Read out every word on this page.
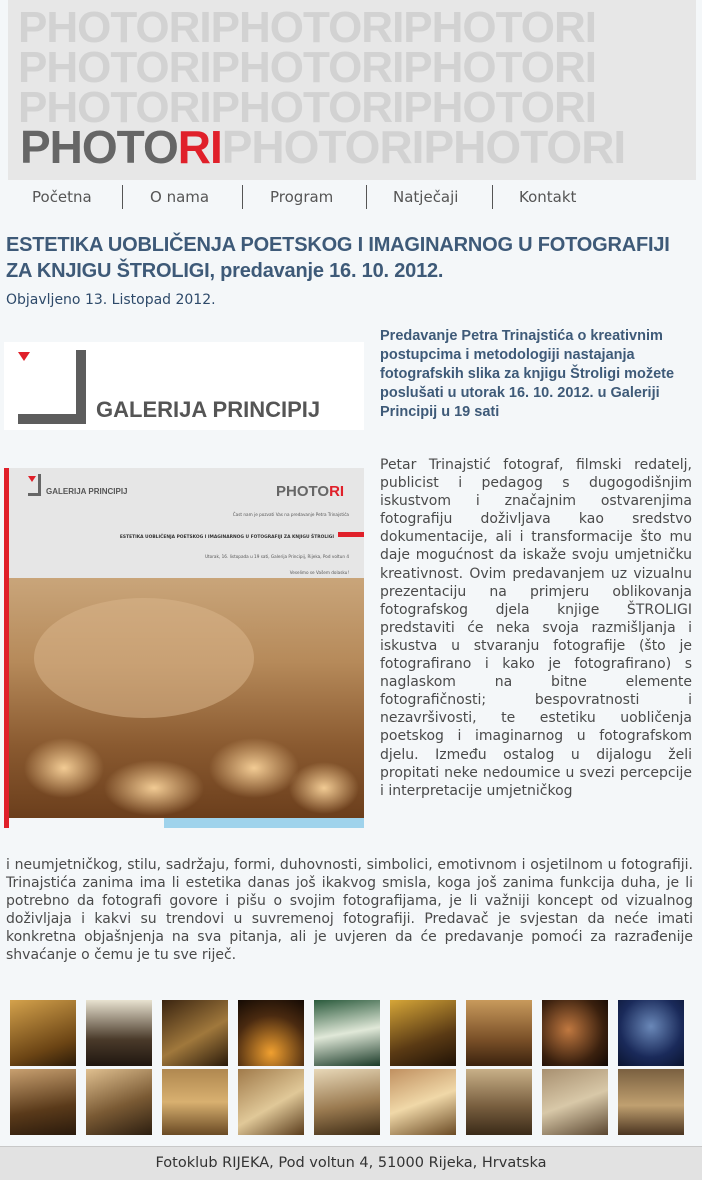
PHOTORIPHOTORIPHOTORI
PHOTORIPHOTORIPHOTORI
PHOTORIPHOTORIPHOTORI
PHOTORIPHOTORIPHOTORI
Početna	O nama	Program	Natječaji	Kontakt
ESTETIKA UOBLIČENJA POETSKOG I IMAGINARNOG U FOTOGRAFIJI ZA KNJIGU ŠTROLIGI, predavanje 16. 10. 2012.
Objavljeno 13. Listopad 2012.
GALERIJA PRINCIPIJ
GALERIJA PRINCIPIJ	PHOTORI
Čast nam je pozvati Vas na predavanje Petra Trinajstića
ESTETIKA UOBLIČENJA POETSKOG I IMAGINARNOG U FOTOGRAFIJI ZA KNJIGU ŠTROLIGI
Utorak, 16. listopada u 19 sati, Galerija Principij, Rijeka, Pod voltun 4
Veselimo se Vašem dolasku!
Predavanje Petra Trinajstića o kreativnim postupcima i metodologiji nastajanja fotografskih slika za knjigu Štroligi možete poslušati u utorak 16. 10. 2012. u Galeriji Principij u 19 sati
Petar Trinajstić fotograf, filmski redatelj, publicist i pedagog s dugogodišnjim iskustvom i značajnim ostvarenjima fotografiju doživljava kao sredstvo dokumentacije, ali i transformacije što mu daje mogućnost da iskaže svoju umjetničku kreativnost. Ovim predavanjem uz vizualnu prezentaciju na primjeru oblikovanja fotografskog djela knjige ŠTROLIGI predstaviti će neka svoja razmišljanja i iskustva u stvaranju fotografije (što je fotografirano i kako je fotografirano) s naglaskom na bitne elemente fotografičnosti; bespovratnosti i nezavršivosti, te estetiku uobličenja poetskog i imaginarnog u fotografskom djelu. Između ostalog u dijalogu želi propitati neke nedoumice u svezi percepcije i interpretacije umjetničkog
i neumjetničkog, stilu, sadržaju, formi, duhovnosti, simbolici, emotivnom i osjetilnom u fotografiji. Trinajstića zanima ima li estetika danas još ikakvog smisla, koga još zanima funkcija duha, je li potrebno da fotografi govore i pišu o svojim fotografijama, je li važniji koncept od vizualnog doživljaja i kakvi su trendovi u suvremenoj fotografiji. Predavač je svjestan da neće imati konkretna objašnjenja na sva pitanja, ali je uvjeren da će predavanje pomoći za razrađenije shvaćanje o čemu je tu sve riječ.
Fotoklub RIJEKA, Pod voltun 4, 51000 Rijeka, Hrvatska
